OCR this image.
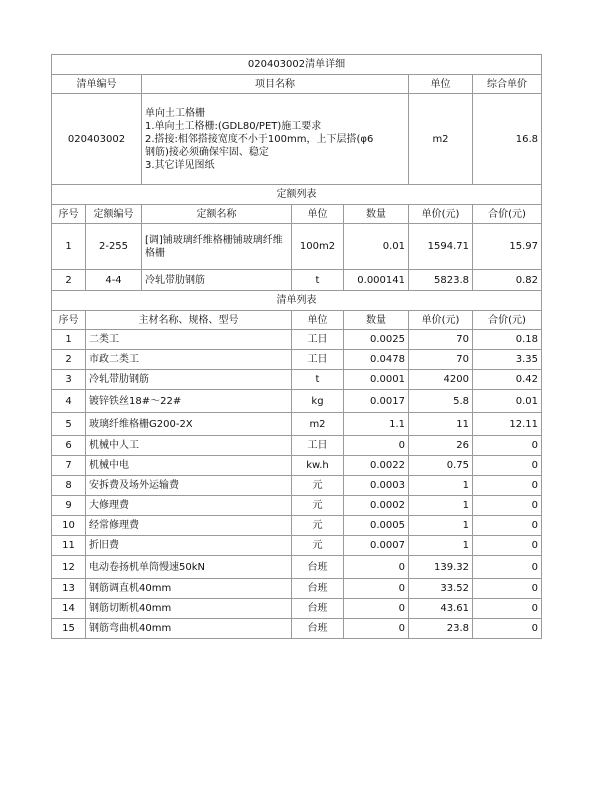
020403002清单详细						
清单编号		项目名称			单位	综合单价
020403002		单向土工格栅
1.单向土工格栅:(GDL80/PET)施工要求
2.搭接:相邻搭接宽度不小于100mm，上下层搭(φ6
钢筋)接必须确保牢固、稳定
3.其它详见图纸			m2	16.8
定额列表						
序号	定额编号	定额名称	单位	数量	单价(元)	合价(元)
1	2-255	[调]铺玻璃纤维格栅铺玻璃纤维格栅	100m2	0.01	1594.71	15.97
2	4-4	冷轧带肋钢筋	t	0.000141	5823.8	0.82
清单列表						
序号	主材名称、规格、型号		单位	数量	单价(元)	合价(元)
1	二类工		工日	0.0025	70	0.18
2	市政二类工		工日	0.0478	70	3.35
3	冷轧带肋钢筋		t	0.0001	4200	0.42
4	镀锌铁丝18#～22#		kg	0.0017	5.8	0.01
5	玻璃纤维格栅G200-2X		m2	1.1	11	12.11
6	机械中人工		工日	0	26	0
7	机械中电		kw.h	0.0022	0.75	0
8	安拆费及场外运输费		元	0.0003	1	0
9	大修理费		元	0.0002	1	0
10	经常修理费		元	0.0005	1	0
11	折旧费		元	0.0007	1	0
12	电动卷扬机单筒慢速50kN		台班	0	139.32	0
13	钢筋调直机40mm		台班	0	33.52	0
14	钢筋切断机40mm		台班	0	43.61	0
15	钢筋弯曲机40mm		台班	0	23.8	0
